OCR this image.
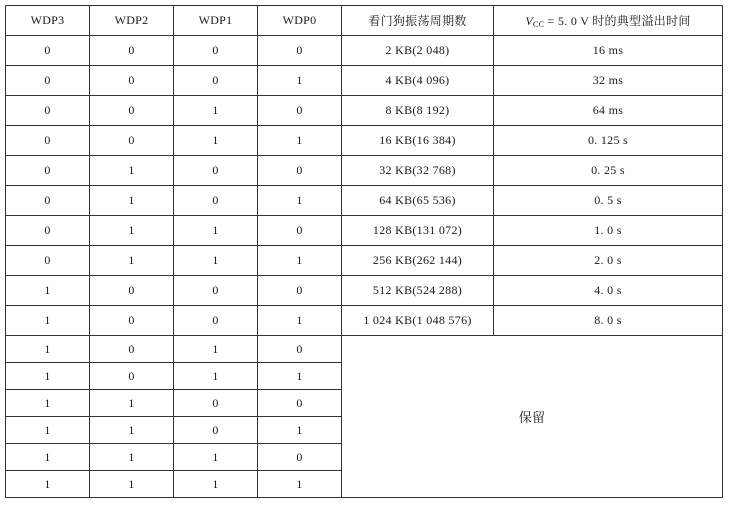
WDP3	WDP2	WDP1	WDP0	看门狗振荡周期数	VCC = 5. 0 V 时的典型溢出时间
0	0	0	0	2 KB(2 048)	16 ms
0	0	0	1	4 KB(4 096)	32 ms
0	0	1	0	8 KB(8 192)	64 ms
0	0	1	1	16 KB(16 384)	0. 125 s
0	1	0	0	32 KB(32 768)	0. 25 s
0	1	0	1	64 KB(65 536)	0. 5 s
0	1	1	0	128 KB(131 072)	1. 0 s
0	1	1	1	256 KB(262 144)	2. 0 s
1	0	0	0	512 KB(524 288)	4. 0 s
1	0	0	1	1 024 KB(1 048 576)	8. 0 s
1	0	1	0	保留	
1	0	1	1		
1	1	0	0		
1	1	0	1		
1	1	1	0		
1	1	1	1		
